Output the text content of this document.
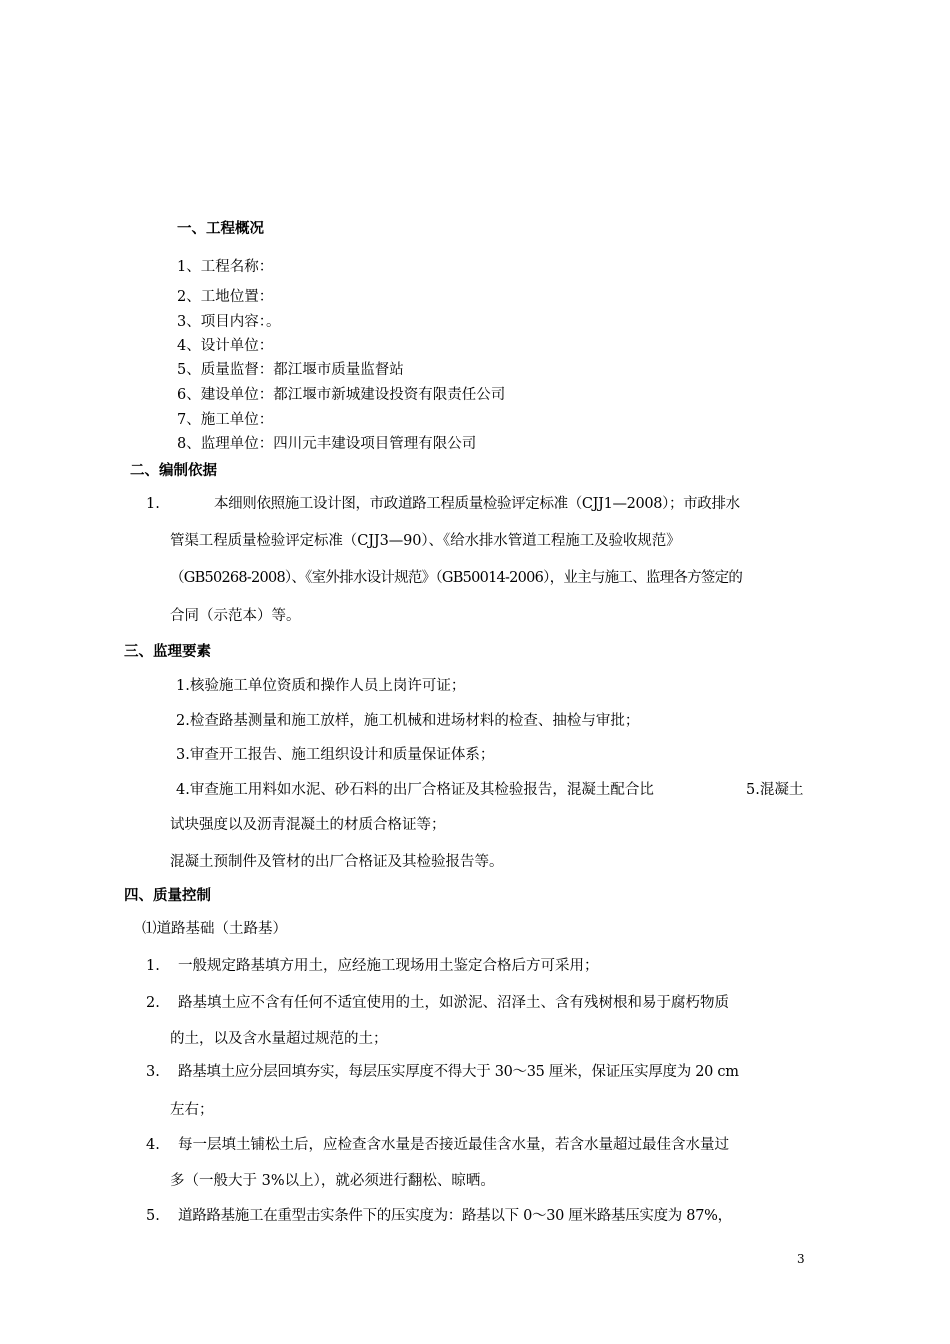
一、工程概况
1、工程名称：
2、工地位置：
3、项目内容：。
4、设计单位：
5、质量监督：都江堰市质量监督站
6、建设单位：都江堰市新城建设投资有限责任公司
7、施工单位：
8、监理单位：四川元丰建设项目管理有限公司
二、编制依据
1.	本细则依照施工设计图，市政道路工程质量检验评定标准（CJJ1—2008）；市政排水
管渠工程质量检验评定标准（CJJ3—90）、《给水排水管道工程施工及验收规范》
（GB50268-2008）、《室外排水设计规范》（GB50014-2006），业主与施工、监理各方签定的
合同（示范本）等。
三、监理要素
1.核验施工单位资质和操作人员上岗许可证；
2.检查路基测量和施工放样，施工机械和进场材料的检查、抽检与审批；
3.审查开工报告、施工组织设计和质量保证体系；
4.审查施工用料如水泥、砂石料的出厂合格证及其检验报告，混凝土配合比	5.混凝土
试块强度以及沥青混凝土的材质合格证等；
混凝土预制件及管材的出厂合格证及其检验报告等。
四、质量控制
⑴道路基础（土路基）
1. 一般规定路基填方用土，应经施工现场用土鉴定合格后方可采用；
2. 路基填土应不含有任何不适宜使用的土，如淤泥、沼泽土、含有残树根和易于腐朽物质
的土，以及含水量超过规范的土；
3. 路基填土应分层回填夯实，每层压实厚度不得大于 30～35 厘米，保证压实厚度为 20 cm
左右；
4. 每一层填土铺松土后，应检查含水量是否接近最佳含水量，若含水量超过最佳含水量过
多（一般大于 3%以上），就必须进行翻松、晾晒。
5. 道路路基施工在重型击实条件下的压实度为：路基以下 0～30 厘米路基压实度为 87%，
3
